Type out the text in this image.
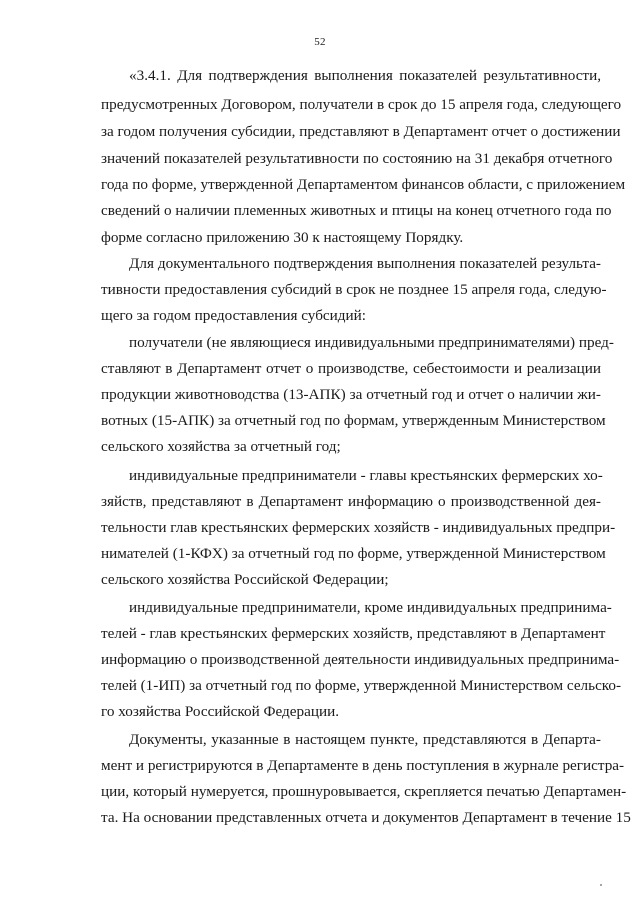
52

«3.4.1. Для подтверждения выполнения показателей результативности,

предусмотренных Договором, получатели в срок до 15 апреля года, следующего

за годом получения субсидии, представляют в Департамент отчет о достижении

значений показателей результативности по состоянию на 31 декабря отчетного

года по форме, утвержденной Департаментом финансов области, с приложением

сведений о наличии племенных животных и птицы на конец отчетного года по

форме согласно приложению 30 к настоящему Порядку.

Для документального подтверждения выполнения показателей результа-

тивности предоставления субсидий в срок не позднее 15 апреля года, следую-

щего за годом предоставления субсидий:

получатели (не являющиеся индивидуальными предпринимателями) пред-

ставляют в Департамент отчет о производстве, себестоимости и реализации

продукции животноводства (13-АПК) за отчетный год и отчет о наличии жи-

вотных (15-АПК) за отчетный год по формам, утвержденным Министерством

сельского хозяйства за отчетный год;

индивидуальные предприниматели - главы крестьянских фермерских хо-

зяйств, представляют в Департамент информацию о производственной дея-

тельности глав крестьянских фермерских хозяйств - индивидуальных предпри-

нимателей (1-КФХ) за отчетный год по форме, утвержденной Министерством

сельского хозяйства Российской Федерации;

индивидуальные предприниматели, кроме индивидуальных предпринима-

телей - глав крестьянских фермерских хозяйств, представляют в Департамент

информацию о производственной деятельности индивидуальных предпринима-

телей (1-ИП) за отчетный год по форме, утвержденной Министерством сельско-

го хозяйства Российской Федерации.

Документы, указанные в настоящем пункте, представляются в Департа-

мент и регистрируются в Департаменте в день поступления в журнале регистра-

ции, который нумеруется, прошнуровывается, скрепляется печатью Департамен-

та. На основании представленных отчета и документов Департамент в течение 15
